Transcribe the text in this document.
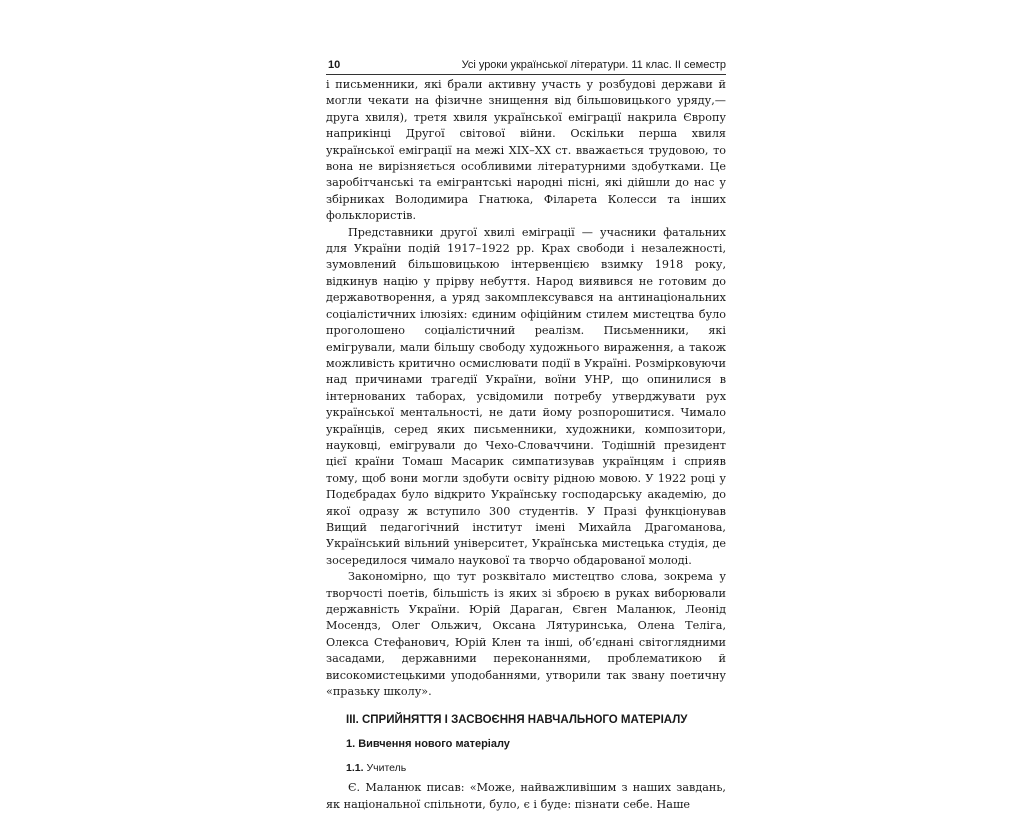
10	Усі уроки української літератури. 11 клас. ІІ семестр

і письменники, які брали активну участь у розбудові держави й могли чекати на фізичне знищення від більшовицького уряду,— друга хвиля), третя хвиля української еміграції накрила Європу наприкінці Другої світової війни. Оскільки перша хвиля української еміграції на межі ХІХ–ХХ ст. вважається трудовою, то вона не вирізняється особливими літературними здобутками. Це заробітчанські та емігрантські народні пісні, які дійшли до нас у збірниках Володимира Гнатюка, Філарета Колесси та інших фольклористів.

Представники другої хвилі еміграції — учасники фатальних для України подій 1917–1922 рр. Крах свободи і незалежності, зумовлений більшовицькою інтервенцією взимку 1918 року, відкинув націю у прірву небуття. Народ виявився не готовим до державотворення, а уряд закомплексувався на антинаціональних соціалістичних ілюзіях: єдиним офіційним стилем мистецтва було проголошено соціалістичний реалізм. Письменники, які емігрували, мали більшу свободу художнього вираження, а також можливість критично осмислювати події в Україні. Розмірковуючи над причинами трагедії України, воїни УНР, що опинилися в інтернованих таборах, усвідомили потребу утверджувати рух української ментальності, не дати йому розпорошитися. Чимало українців, серед яких письменники, художники, композитори, науковці, емігрували до Чехо-Словаччини. Тодішній президент цієї країни Томаш Масарик симпатизував українцям і сприяв тому, щоб вони могли здобути освіту рідною мовою. У 1922 році у Подєбрадах було відкрито Українську господарську академію, до якої одразу ж вступило 300 студентів. У Празі функціонував Вищий педагогічний інститут імені Михайла Драгоманова, Український вільний університет, Українська мистецька студія, де зосередилося чимало наукової та творчо обдарованої молоді.

Закономірно, що тут розквітало мистецтво слова, зокрема у творчості поетів, більшість із яких зі зброєю в руках виборювали державність України. Юрій Дараган, Євген Маланюк, Леонід Мосендз, Олег Ольжич, Оксана Лятуринська, Олена Теліга, Олекса Стефанович, Юрій Клен та інші, об’єднані світоглядними засадами, державними переконаннями, проблематикою й високомистецькими уподобаннями, утворили так звану поетичну «празьку школу».

ІІІ. СПРИЙНЯТТЯ І ЗАСВОЄННЯ НАВЧАЛЬНОГО МАТЕРІАЛУ
1. Вивчення нового матеріалу
1.1. Учитель

Є. Маланюк писав: «Може, найважливішим з наших завдань, як національної спільноти, було, є і буде: пізнати себе. Наше
